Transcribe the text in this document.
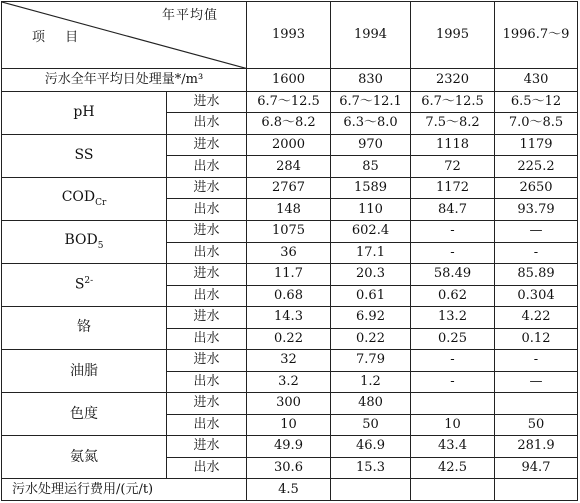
年平均值
项 目		1993	1994	1995	1996.7～9
污水全年平均日处理量*/m³		1600	830	2320	430
pH	进水	6.7～12.5	6.7～12.1	6.7～12.5	6.5～12
	出水	6.8～8.2	6.3～8.0	7.5～8.2	7.0～8.5
SS	进水	2000	970	1118	1179
	出水	284	85	72	225.2
$COD_{Cr}$	进水	2767	1589	1172	2650
	出水	148	110	84.7	93.79
$BOD_5$	进水	1075	602.4	-	—
	出水	36	17.1	-	-
$S^{2-}$	进水	11.7	20.3	58.49	85.89
	出水	0.68	0.61	0.62	0.304
铬	进水	14.3	6.92	13.2	4.22
	出水	0.22	0.22	0.25	0.12
油脂	进水	32	7.79	-	-
	出水	3.2	1.2	-	—
色度	进水	300	480		
	出水	10	50	10	50
氨氮	进水	49.9	46.9	43.4	281.9
	出水	30.6	15.3	42.5	94.7
污水处理运行费用/(元/t)		4.5			
